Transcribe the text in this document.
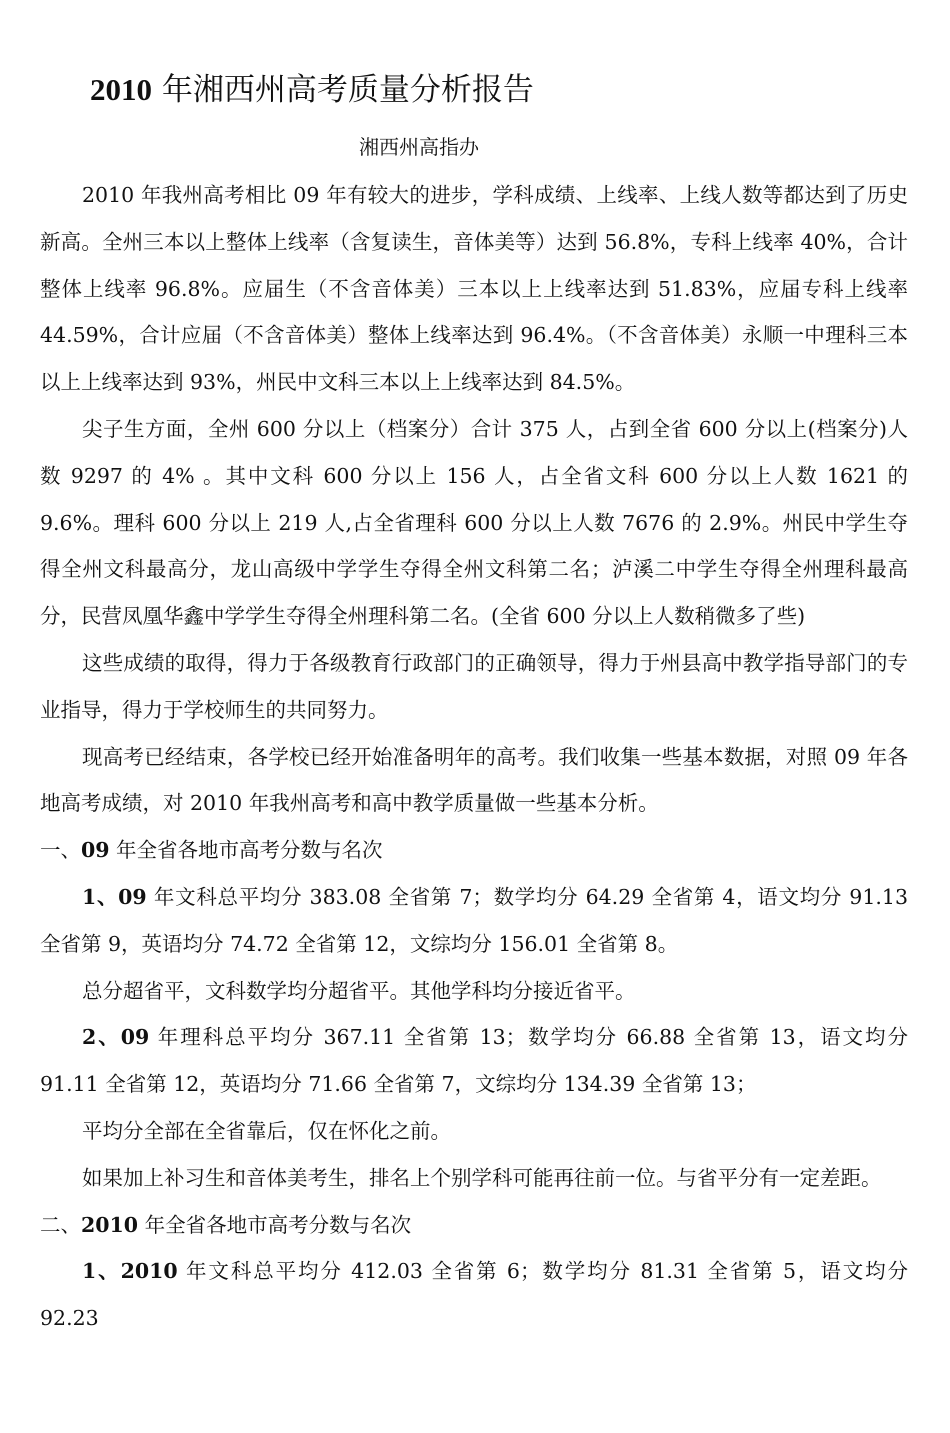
2010 年湘西州高考质量分析报告
湘西州高指办

2010 年我州高考相比 09 年有较大的进步，学科成绩、上线率、上线人数等都达到了历史新高。全州三本以上整体上线率（含复读生，音体美等）达到 56.8%，专科上线率 40%，合计整体上线率 96.8%。应届生（不含音体美）三本以上上线率达到 51.83%，应届专科上线率 44.59%，合计应届（不含音体美）整体上线率达到 96.4%。（不含音体美）永顺一中理科三本以上上线率达到 93%，州民中文科三本以上上线率达到 84.5%。

尖子生方面，全州 600 分以上（档案分）合计 375 人，占到全省 600 分以上(档案分)人数 9297 的 4% 。其中文科 600 分以上 156 人，占全省文科 600 分以上人数 1621 的 9.6%。理科 600 分以上 219 人,占全省理科 600 分以上人数 7676 的 2.9%。州民中学生夺得全州文科最高分，龙山高级中学学生夺得全州文科第二名；泸溪二中学生夺得全州理科最高分，民营凤凰华鑫中学学生夺得全州理科第二名。(全省 600 分以上人数稍微多了些)

这些成绩的取得，得力于各级教育行政部门的正确领导，得力于州县高中教学指导部门的专业指导，得力于学校师生的共同努力。

现高考已经结束，各学校已经开始准备明年的高考。我们收集一些基本数据，对照 09 年各地高考成绩，对 2010 年我州高考和高中教学质量做一些基本分析。

一、09 年全省各地市高考分数与名次

1、09 年文科总平均分 383.08 全省第 7；数学均分 64.29 全省第 4，语文均分 91.13 全省第 9，英语均分 74.72 全省第 12，文综均分 156.01 全省第 8。

总分超省平，文科数学均分超省平。其他学科均分接近省平。

2、09 年理科总平均分 367.11 全省第 13；数学均分 66.88 全省第 13，语文均分 91.11 全省第 12，英语均分 71.66 全省第 7，文综均分 134.39 全省第 13；

平均分全部在全省靠后，仅在怀化之前。

如果加上补习生和音体美考生，排名上个别学科可能再往前一位。与省平分有一定差距。

二、2010 年全省各地市高考分数与名次

1、2010 年文科总平均分 412.03 全省第 6；数学均分 81.31 全省第 5，语文均分 92.23
